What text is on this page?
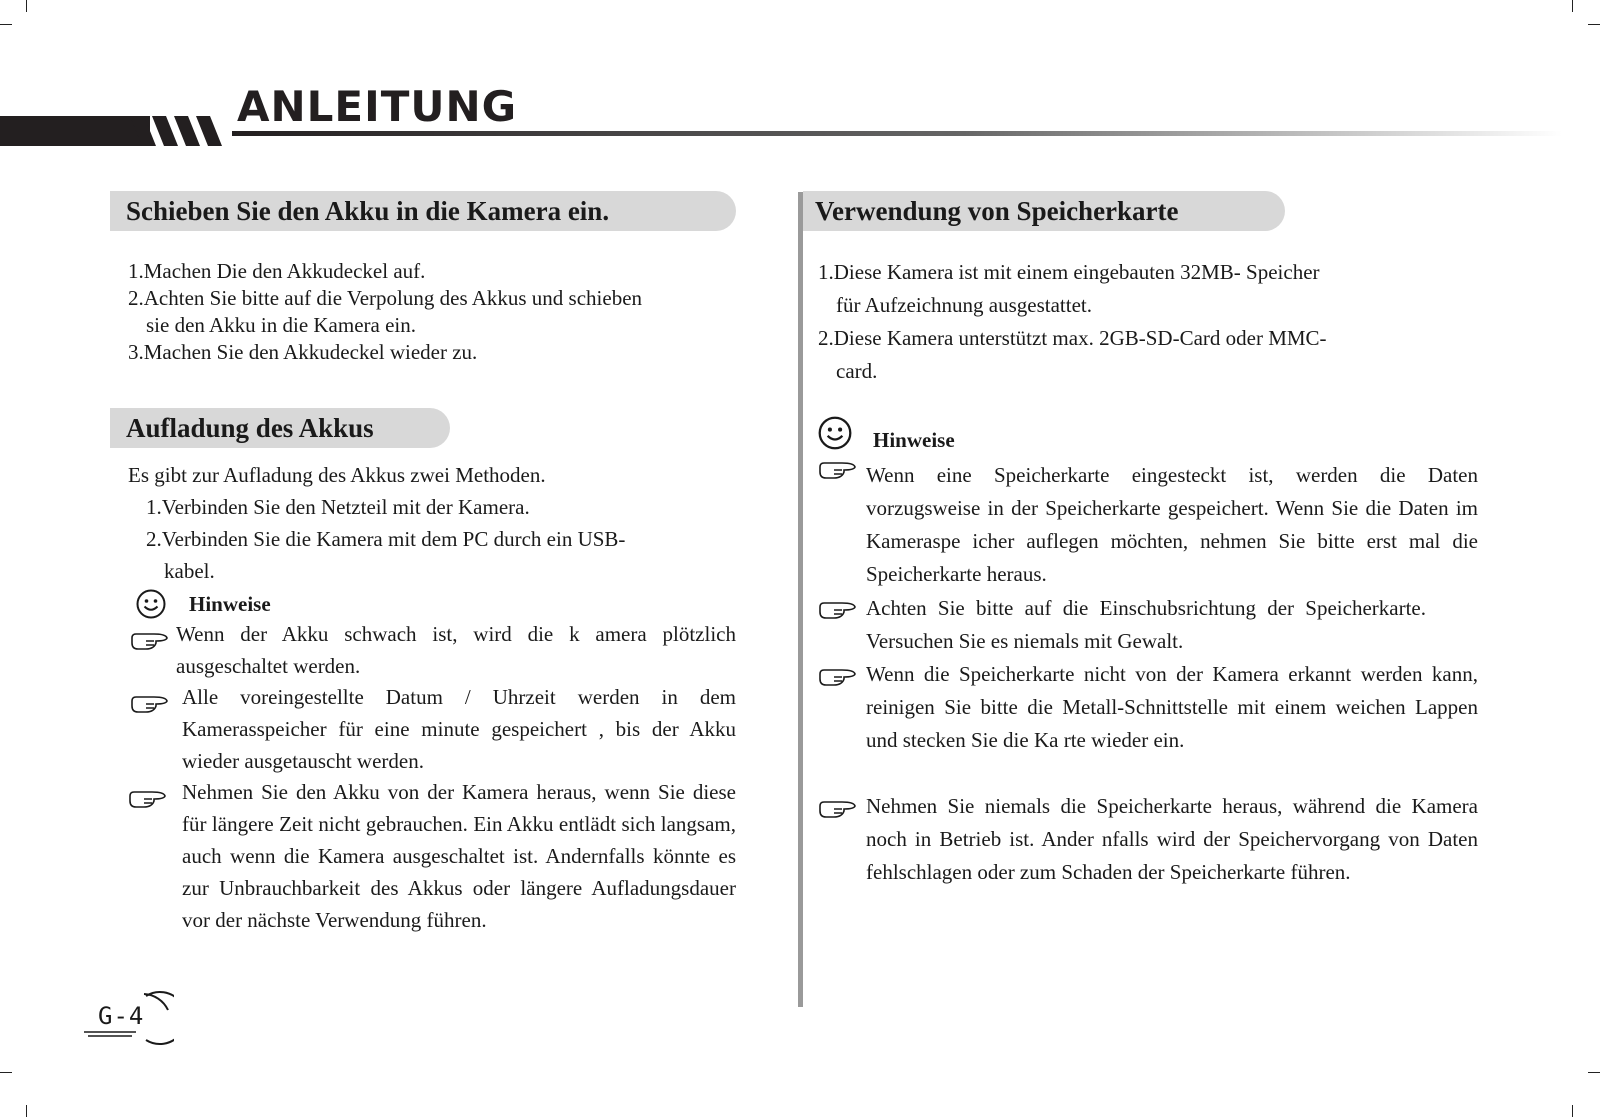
ANLEITUNG
Schieben Sie den Akku in die Kamera ein.
1.Machen Die den Akkudeckel auf.
2.Achten Sie bitte auf die Verpolung des Akkus und schieben
sie den Akku in die Kamera ein.
3.Machen Sie den Akkudeckel wieder zu.
Aufladung des Akkus
Es gibt zur Aufladung des Akkus zwei Methoden.
1.Verbinden Sie den Netzteil mit der Kamera.
2.Verbinden Sie die Kamera mit dem PC durch ein USB-
kabel.
Hinweise
Wenn der Akku schwach ist, wird die k amera plötzlich ausgeschaltet werden.
Alle voreingestellte Datum / Uhrzeit werden in dem Kamerasspeicher für eine minute gespeichert , bis der Akku wieder ausgetauscht werden.
Nehmen Sie den Akku von der Kamera heraus, wenn Sie diese für längere Zeit nicht gebrauchen. Ein Akku entlädt sich langsam, auch wenn die Kamera ausgeschaltet ist. Andernfalls könnte es zur Unbrauchbarkeit des Akkus oder längere Aufladungsdauer vor der nächste Verwendung führen.
Verwendung von Speicherkarte
1.Diese Kamera ist mit einem eingebauten 32MB- Speicher
für Aufzeichnung ausgestattet.
2.Diese Kamera unterstützt max. 2GB-SD-Card oder MMC-
card.
Hinweise
Wenn eine Speicherkarte eingesteckt ist, werden die Daten vorzugsweise in der Speicherkarte gespeichert. Wenn Sie die Daten im Kameraspe icher auflegen möchten, nehmen Sie bitte erst mal die Speicherkarte heraus.
Achten Sie bitte auf die Einschubsrichtung der Speicherkarte. Versuchen Sie es niemals mit Gewalt.
Wenn die Speicherkarte nicht von der Kamera erkannt werden kann, reinigen Sie bitte die Metall-Schnittstelle mit einem weichen Lappen und stecken Sie die Ka rte wieder ein.
Nehmen Sie niemals die Speicherkarte heraus, während die Kamera noch in Betrieb ist. Ander nfalls wird der Speichervorgang von Daten fehlschlagen oder zum Schaden der Speicherkarte führen.
G-4
